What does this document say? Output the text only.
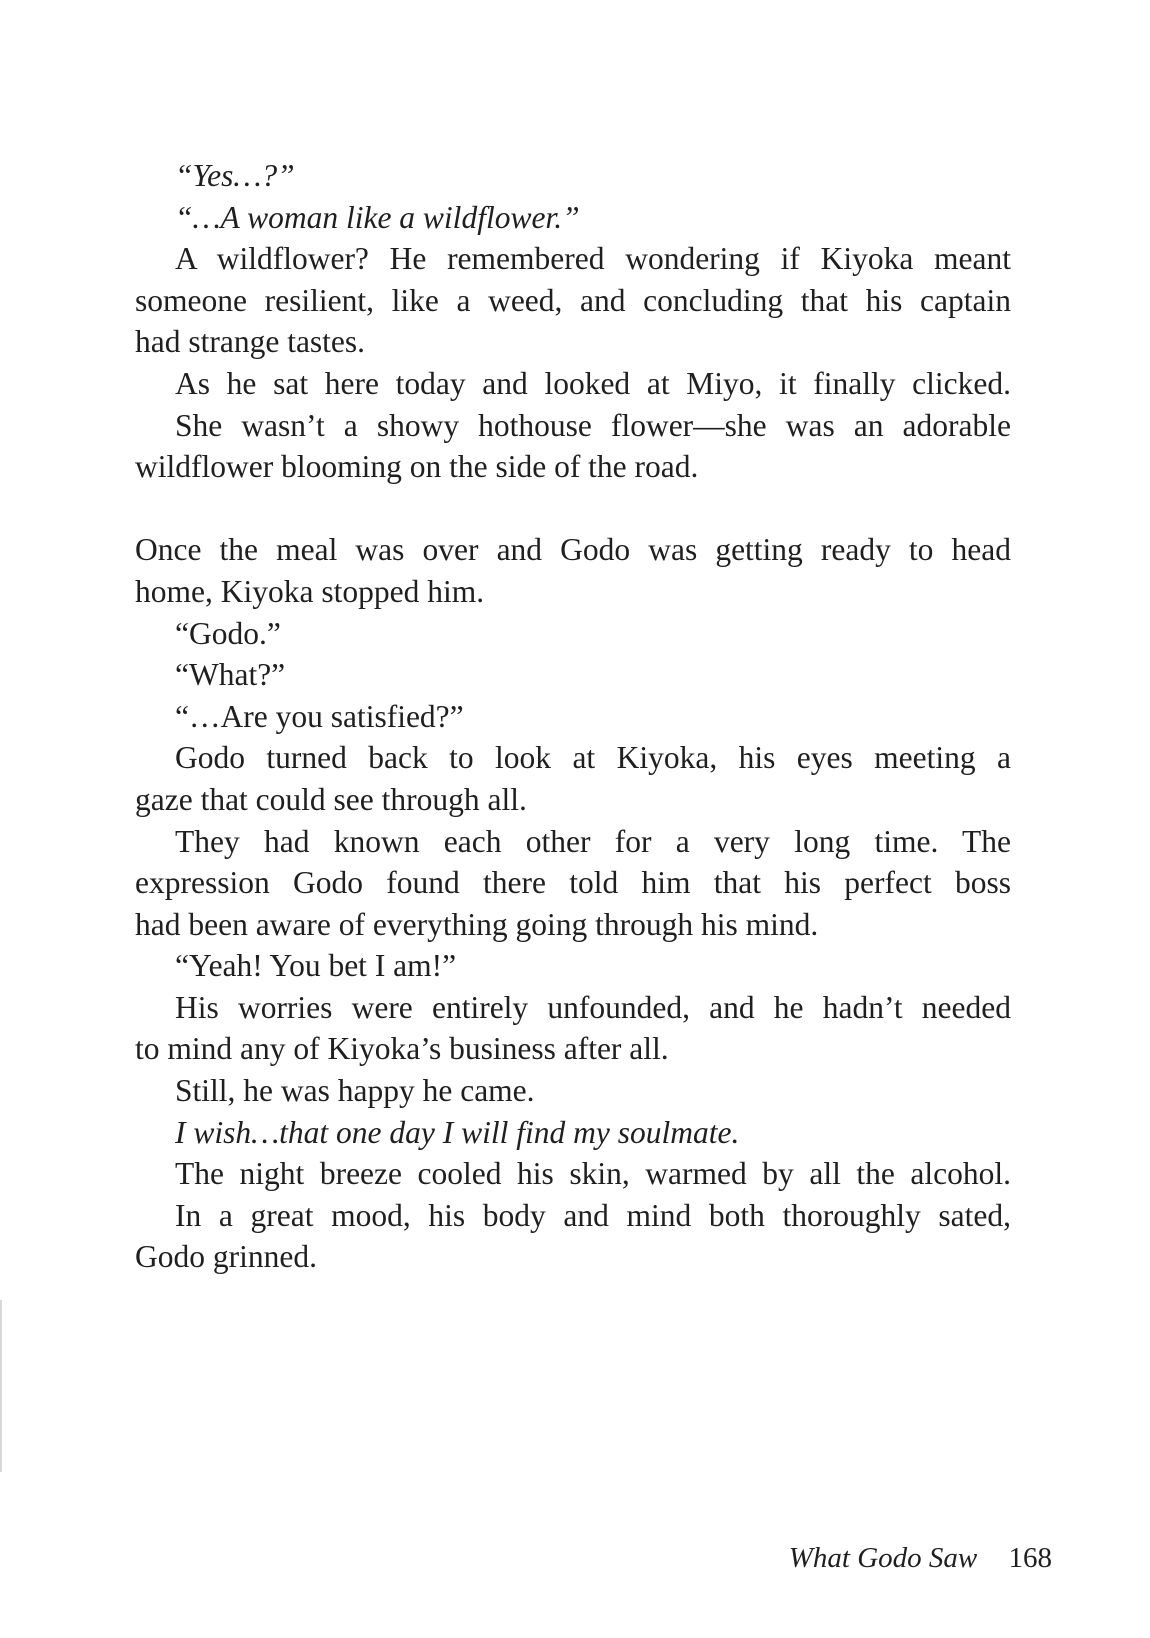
“Yes…?”
“…A woman like a wildflower.”
A wildflower? He remembered wondering if Kiyoka meant
someone resilient, like a weed, and concluding that his captain
had strange tastes.
As he sat here today and looked at Miyo, it finally clicked.
She wasn’t a showy hothouse flower—she was an adorable
wildflower blooming on the side of the road.
Once the meal was over and Godo was getting ready to head
home, Kiyoka stopped him.
“Godo.”
“What?”
“…Are you satisfied?”
Godo turned back to look at Kiyoka, his eyes meeting a
gaze that could see through all.
They had known each other for a very long time. The
expression Godo found there told him that his perfect boss
had been aware of everything going through his mind.
“Yeah! You bet I am!”
His worries were entirely unfounded, and he hadn’t needed
to mind any of Kiyoka’s business after all.
Still, he was happy he came.
I wish…that one day I will find my soulmate.
The night breeze cooled his skin, warmed by all the alcohol.
In a great mood, his body and mind both thoroughly sated,
Godo grinned.
What Godo Saw 168
